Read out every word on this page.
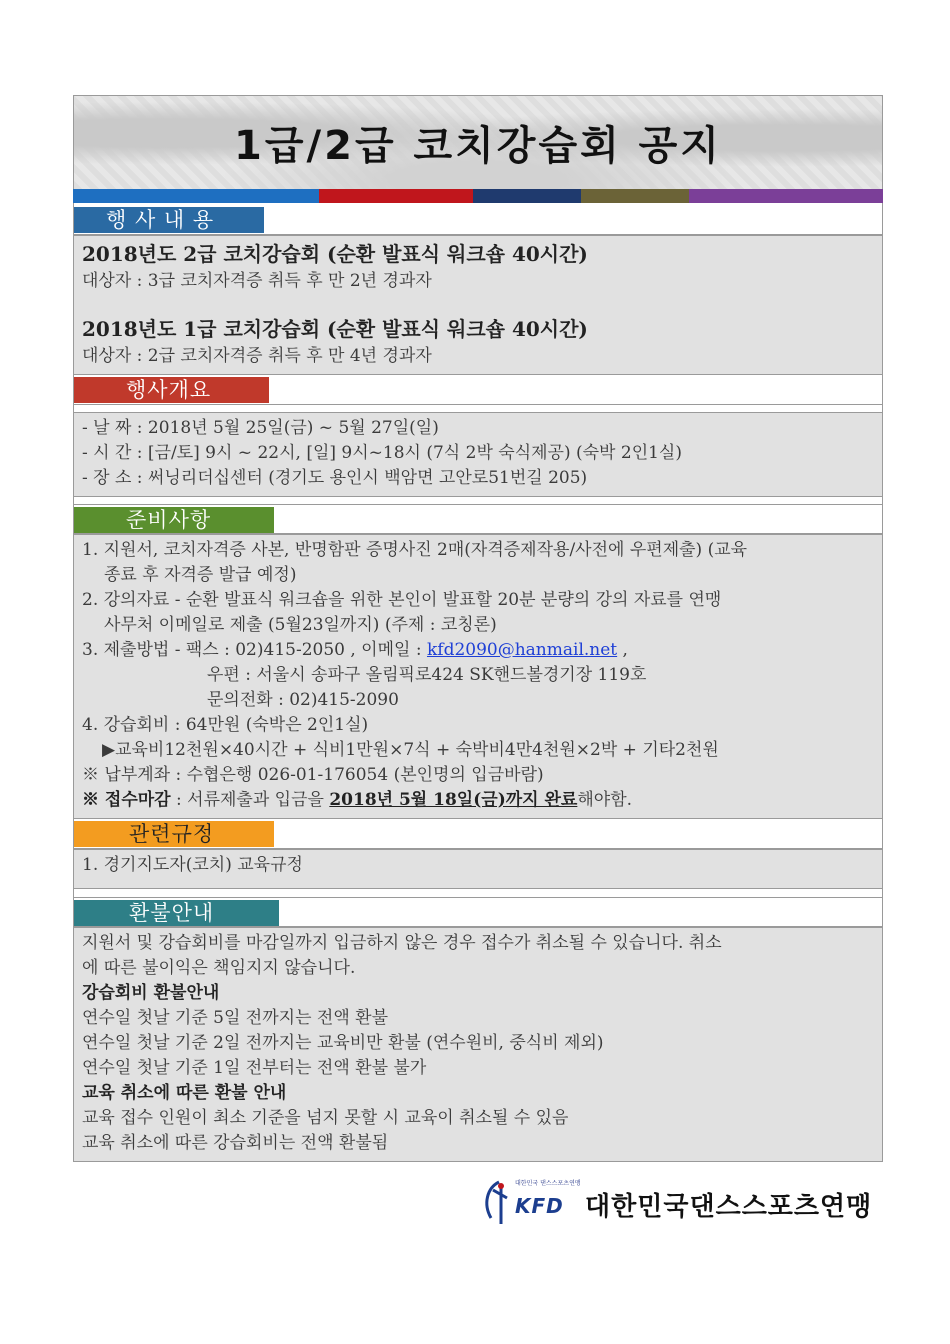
1급/2급 코치강습회 공지
행 사 내 용
2018년도 2급 코치강습회 (순환 발표식 워크숍 40시간)
대상자 : 3급 코치자격증 취득 후 만 2년 경과자
2018년도 1급 코치강습회 (순환 발표식 워크숍 40시간)
대상자 : 2급 코치자격증 취득 후 만 4년 경과자
행사개요
- 날 짜 : 2018년 5월 25일(금) ~ 5월 27일(일)
- 시 간 : [금/토] 9시 ~ 22시, [일] 9시~18시 (7식 2박 숙식제공) (숙박 2인1실)
- 장 소 : 써닝리더십센터 (경기도 용인시 백암면 고안로51번길 205)
준비사항
1. 지원서, 코치자격증 사본, 반명함판 증명사진 2매(자격증제작용/사전에 우편제출) (교육
종료 후 자격증 발급 예정)
2. 강의자료 - 순환 발표식 워크숍을 위한 본인이 발표할 20분 분량의 강의 자료를 연맹
사무처 이메일로 제출 (5월23일까지) (주제 : 코칭론)
3. 제출방법 - 팩스 : 02)415-2050 , 이메일 : kfd2090@hanmail.net ,
우편 : 서울시 송파구 올림픽로424 SK핸드볼경기장 119호
문의전화 : 02)415-2090
4. 강습회비 : 64만원 (숙박은 2인1실)
▶교육비12천원×40시간 + 식비1만원×7식 + 숙박비4만4천원×2박 + 기타2천원
※ 납부계좌 : 수협은행 026-01-176054 (본인명의 입금바람)
※ 접수마감 : 서류제출과 입금을 2018년 5월 18일(금)까지 완료해야함.
관련규정
1. 경기지도자(코치) 교육규정
환불안내
지원서 및 강습회비를 마감일까지 입금하지 않은 경우 접수가 취소될 수 있습니다. 취소
에 따른 불이익은 책임지지 않습니다.
강습회비 환불안내
연수일 첫날 기준 5일 전까지는 전액 환불
연수일 첫날 기준 2일 전까지는 교육비만 환불 (연수원비, 중식비 제외)
연수일 첫날 기준 1일 전부터는 전액 환불 불가
교육 취소에 따른 환불 안내
교육 접수 인원이 최소 기준을 넘지 못할 시 교육이 취소될 수 있음
교육 취소에 따른 강습회비는 전액 환불됨
대한민국 댄스스포츠연맹
KFD 대한민국댄스스포츠연맹
